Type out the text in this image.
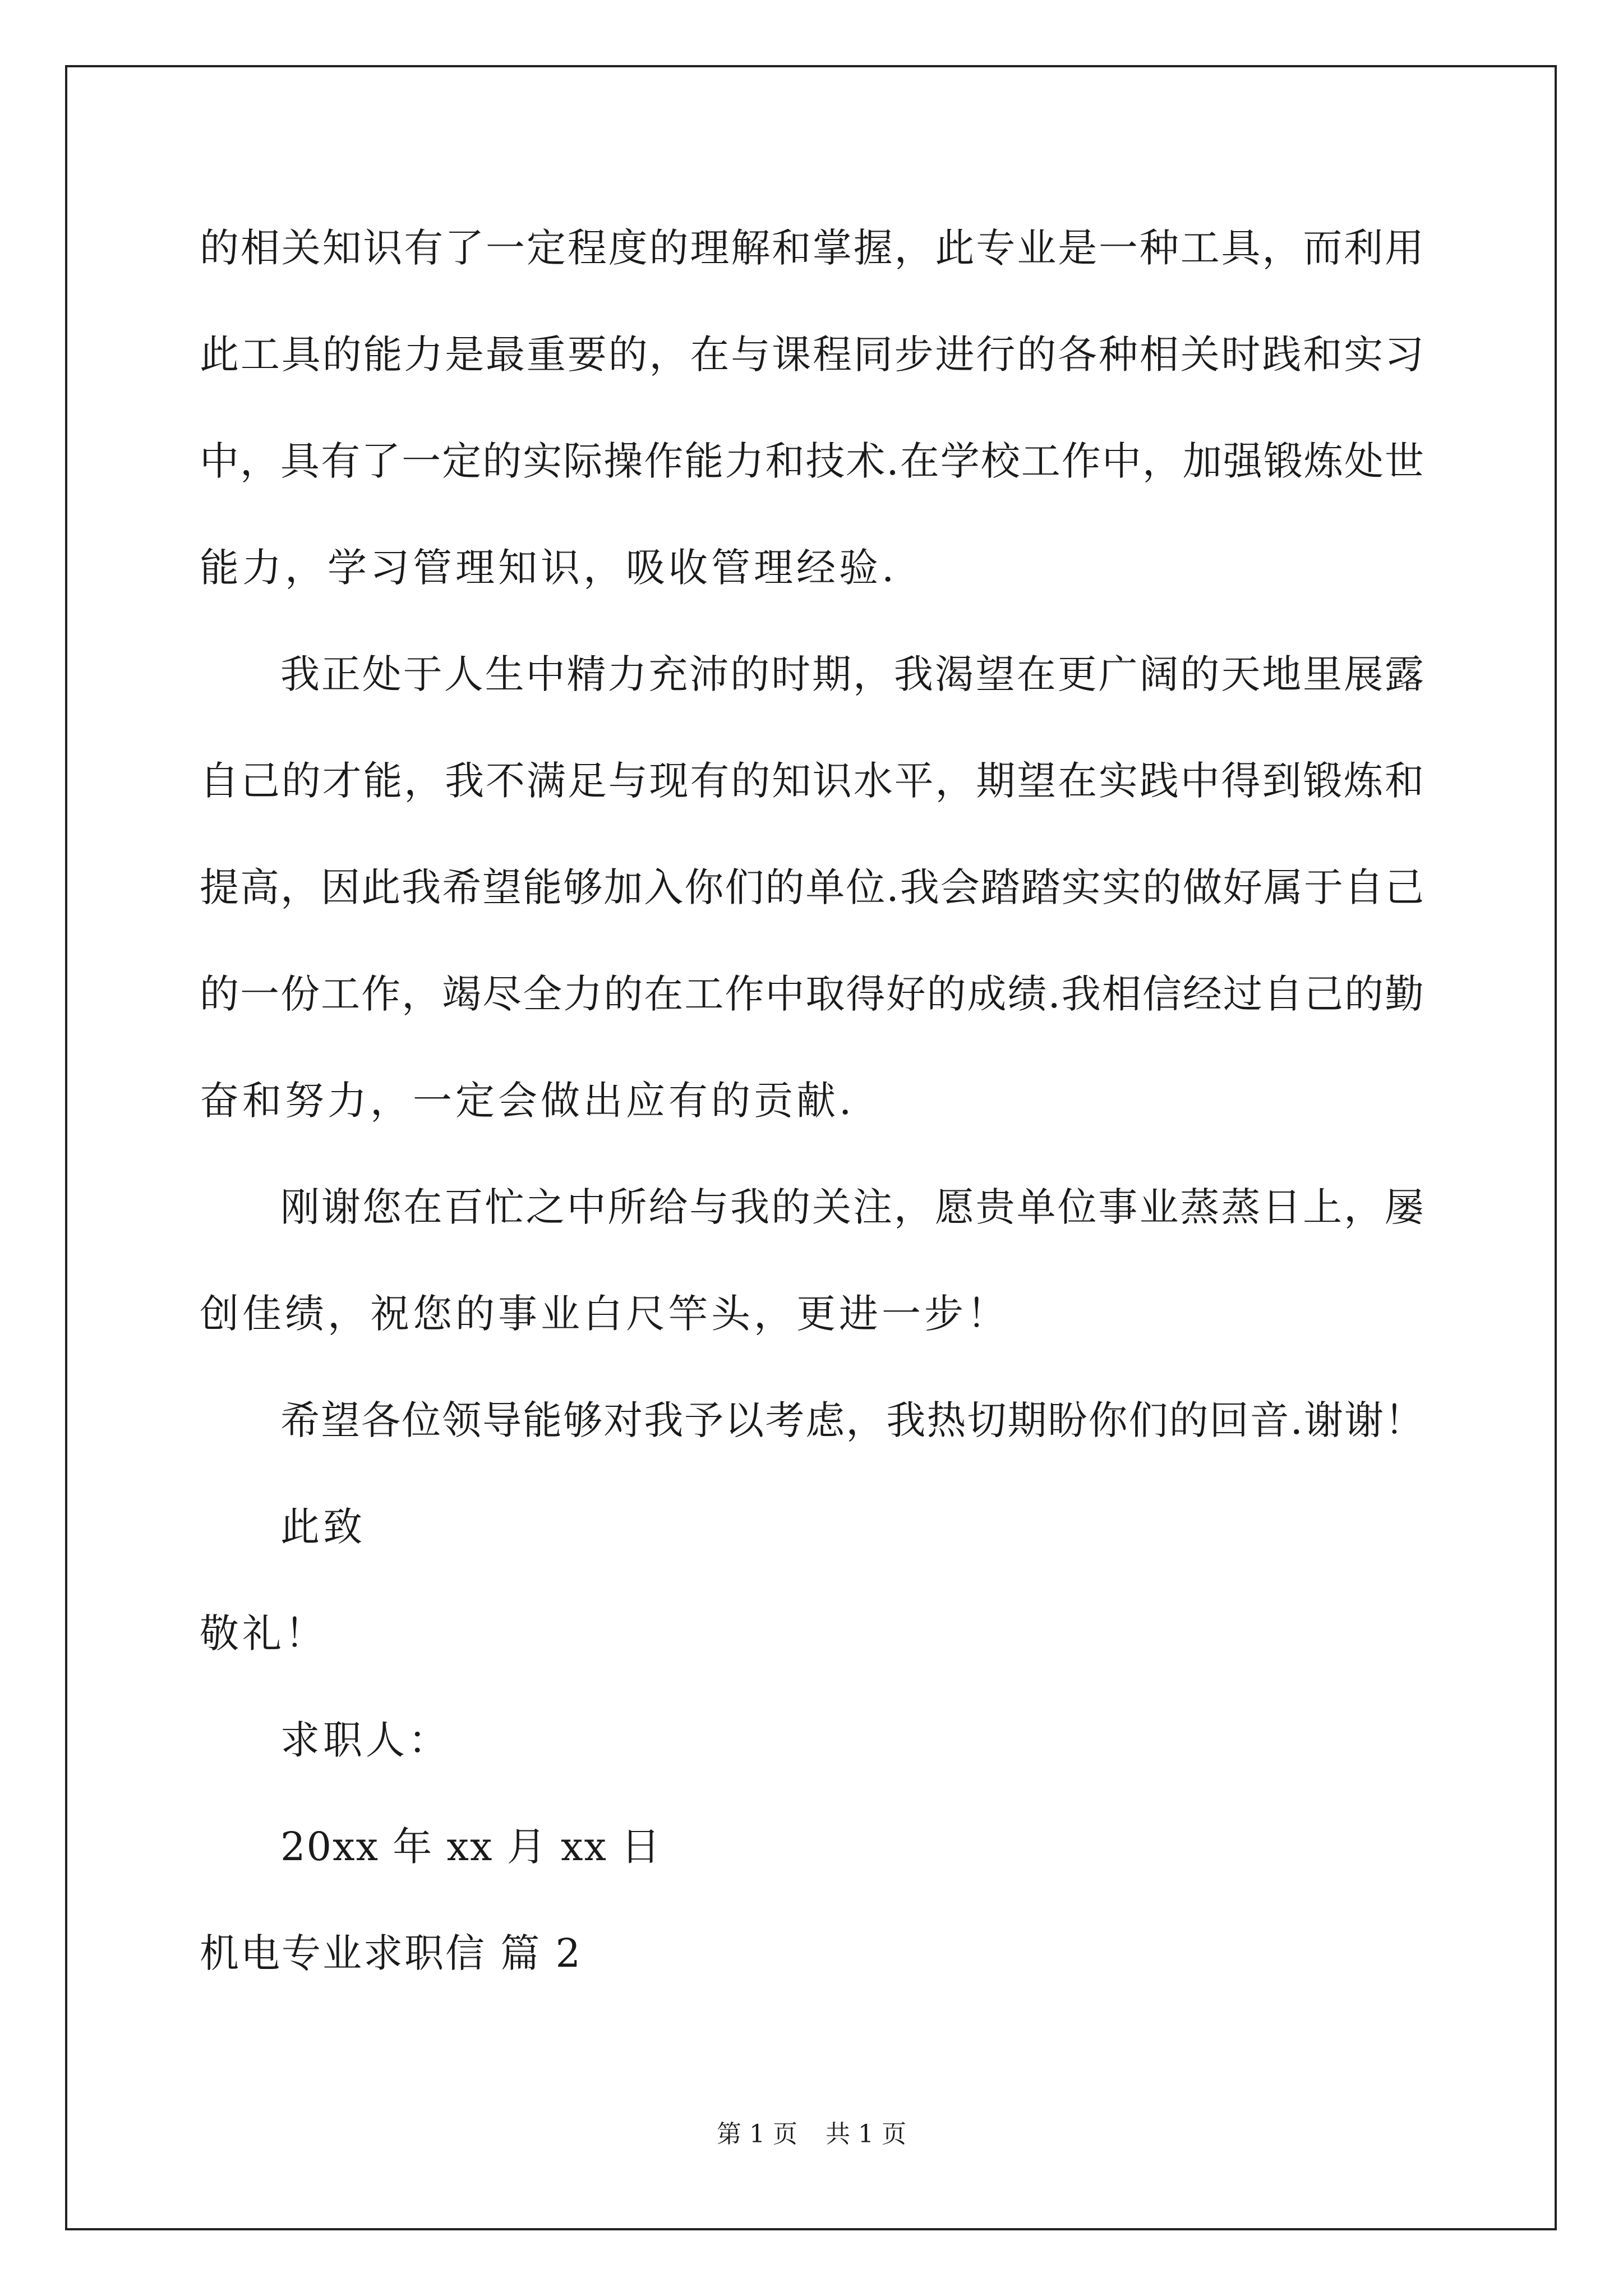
的相关知识有了一定程度的理解和掌握，此专业是一种工具，而利用
此工具的能力是最重要的，在与课程同步进行的各种相关时践和实习
中，具有了一定的实际操作能力和技术.在学校工作中，加强锻炼处世
能力，学习管理知识，吸收管理经验.
我正处于人生中精力充沛的时期，我渴望在更广阔的天地里展露
自己的才能，我不满足与现有的知识水平，期望在实践中得到锻炼和
提高，因此我希望能够加入你们的单位.我会踏踏实实的做好属于自己
的一份工作，竭尽全力的在工作中取得好的成绩.我相信经过自己的勤
奋和努力，一定会做出应有的贡献.
刚谢您在百忙之中所给与我的关注，愿贵单位事业蒸蒸日上，屡
创佳绩，祝您的事业白尺竿头，更进一步！
希望各位领导能够对我予以考虑，我热切期盼你们的回音.谢谢！
此致
敬礼！
求职人：
20xx 年 xx 月 xx 日
机电专业求职信 篇 2
第 1 页 共 1 页
